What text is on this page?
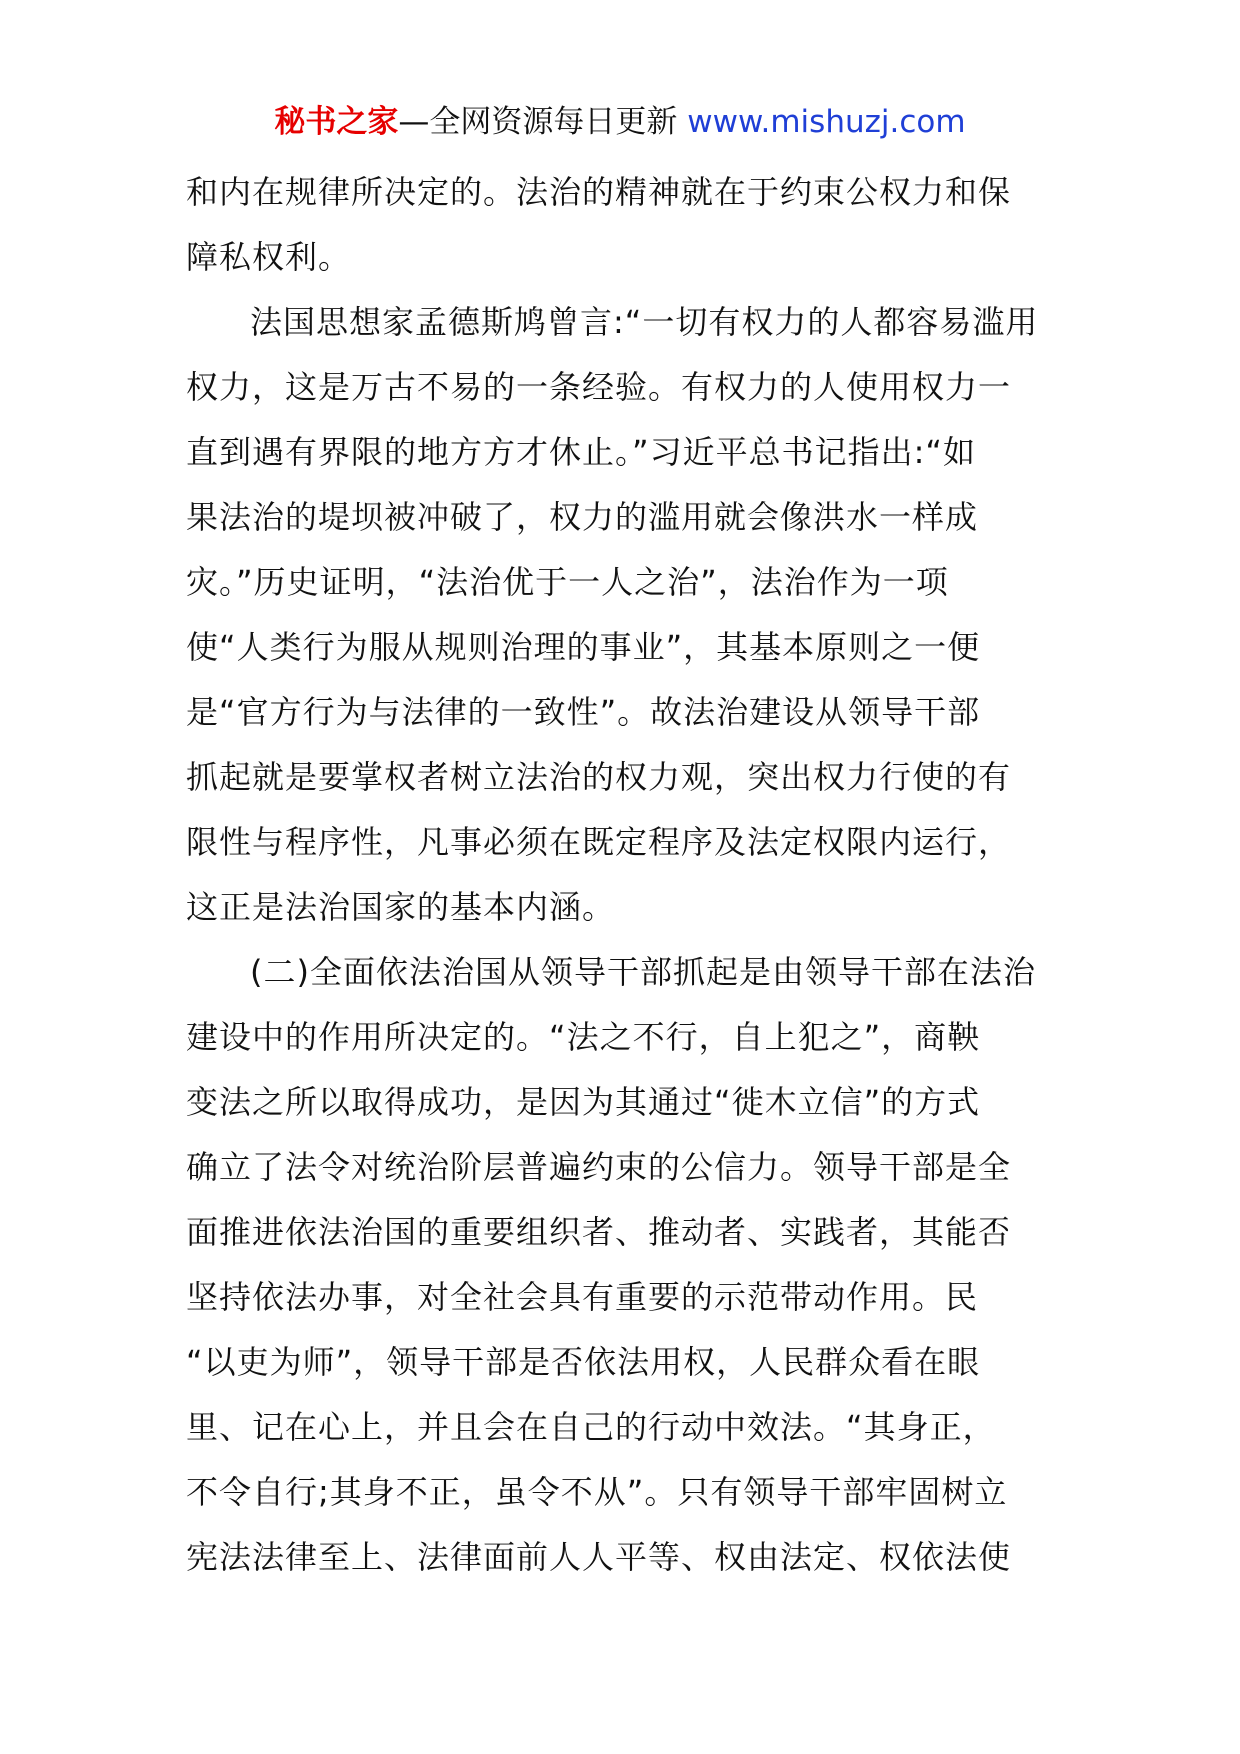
秘书之家—全网资源每日更新 www.mishuzj.com
和内在规律所决定的。法治的精神就在于约束公权力和保
障私权利。
法国思想家孟德斯鸠曾言:“一切有权力的人都容易滥用
权力，这是万古不易的一条经验。有权力的人使用权力一
直到遇有界限的地方方才休止。”习近平总书记指出:“如
果法治的堤坝被冲破了，权力的滥用就会像洪水一样成
灾。”历史证明，“法治优于一人之治”，法治作为一项
使“人类行为服从规则治理的事业”，其基本原则之一便
是“官方行为与法律的一致性”。故法治建设从领导干部
抓起就是要掌权者树立法治的权力观，突出权力行使的有
限性与程序性，凡事必须在既定程序及法定权限内运行，
这正是法治国家的基本内涵。
(二)全面依法治国从领导干部抓起是由领导干部在法治
建设中的作用所决定的。“法之不行，自上犯之”，商鞅
变法之所以取得成功，是因为其通过“徙木立信”的方式
确立了法令对统治阶层普遍约束的公信力。领导干部是全
面推进依法治国的重要组织者、推动者、实践者，其能否
坚持依法办事，对全社会具有重要的示范带动作用。民
“以吏为师”，领导干部是否依法用权，人民群众看在眼
里、记在心上，并且会在自己的行动中效法。“其身正，
不令自行;其身不正，虽令不从”。只有领导干部牢固树立
宪法法律至上、法律面前人人平等、权由法定、权依法使
